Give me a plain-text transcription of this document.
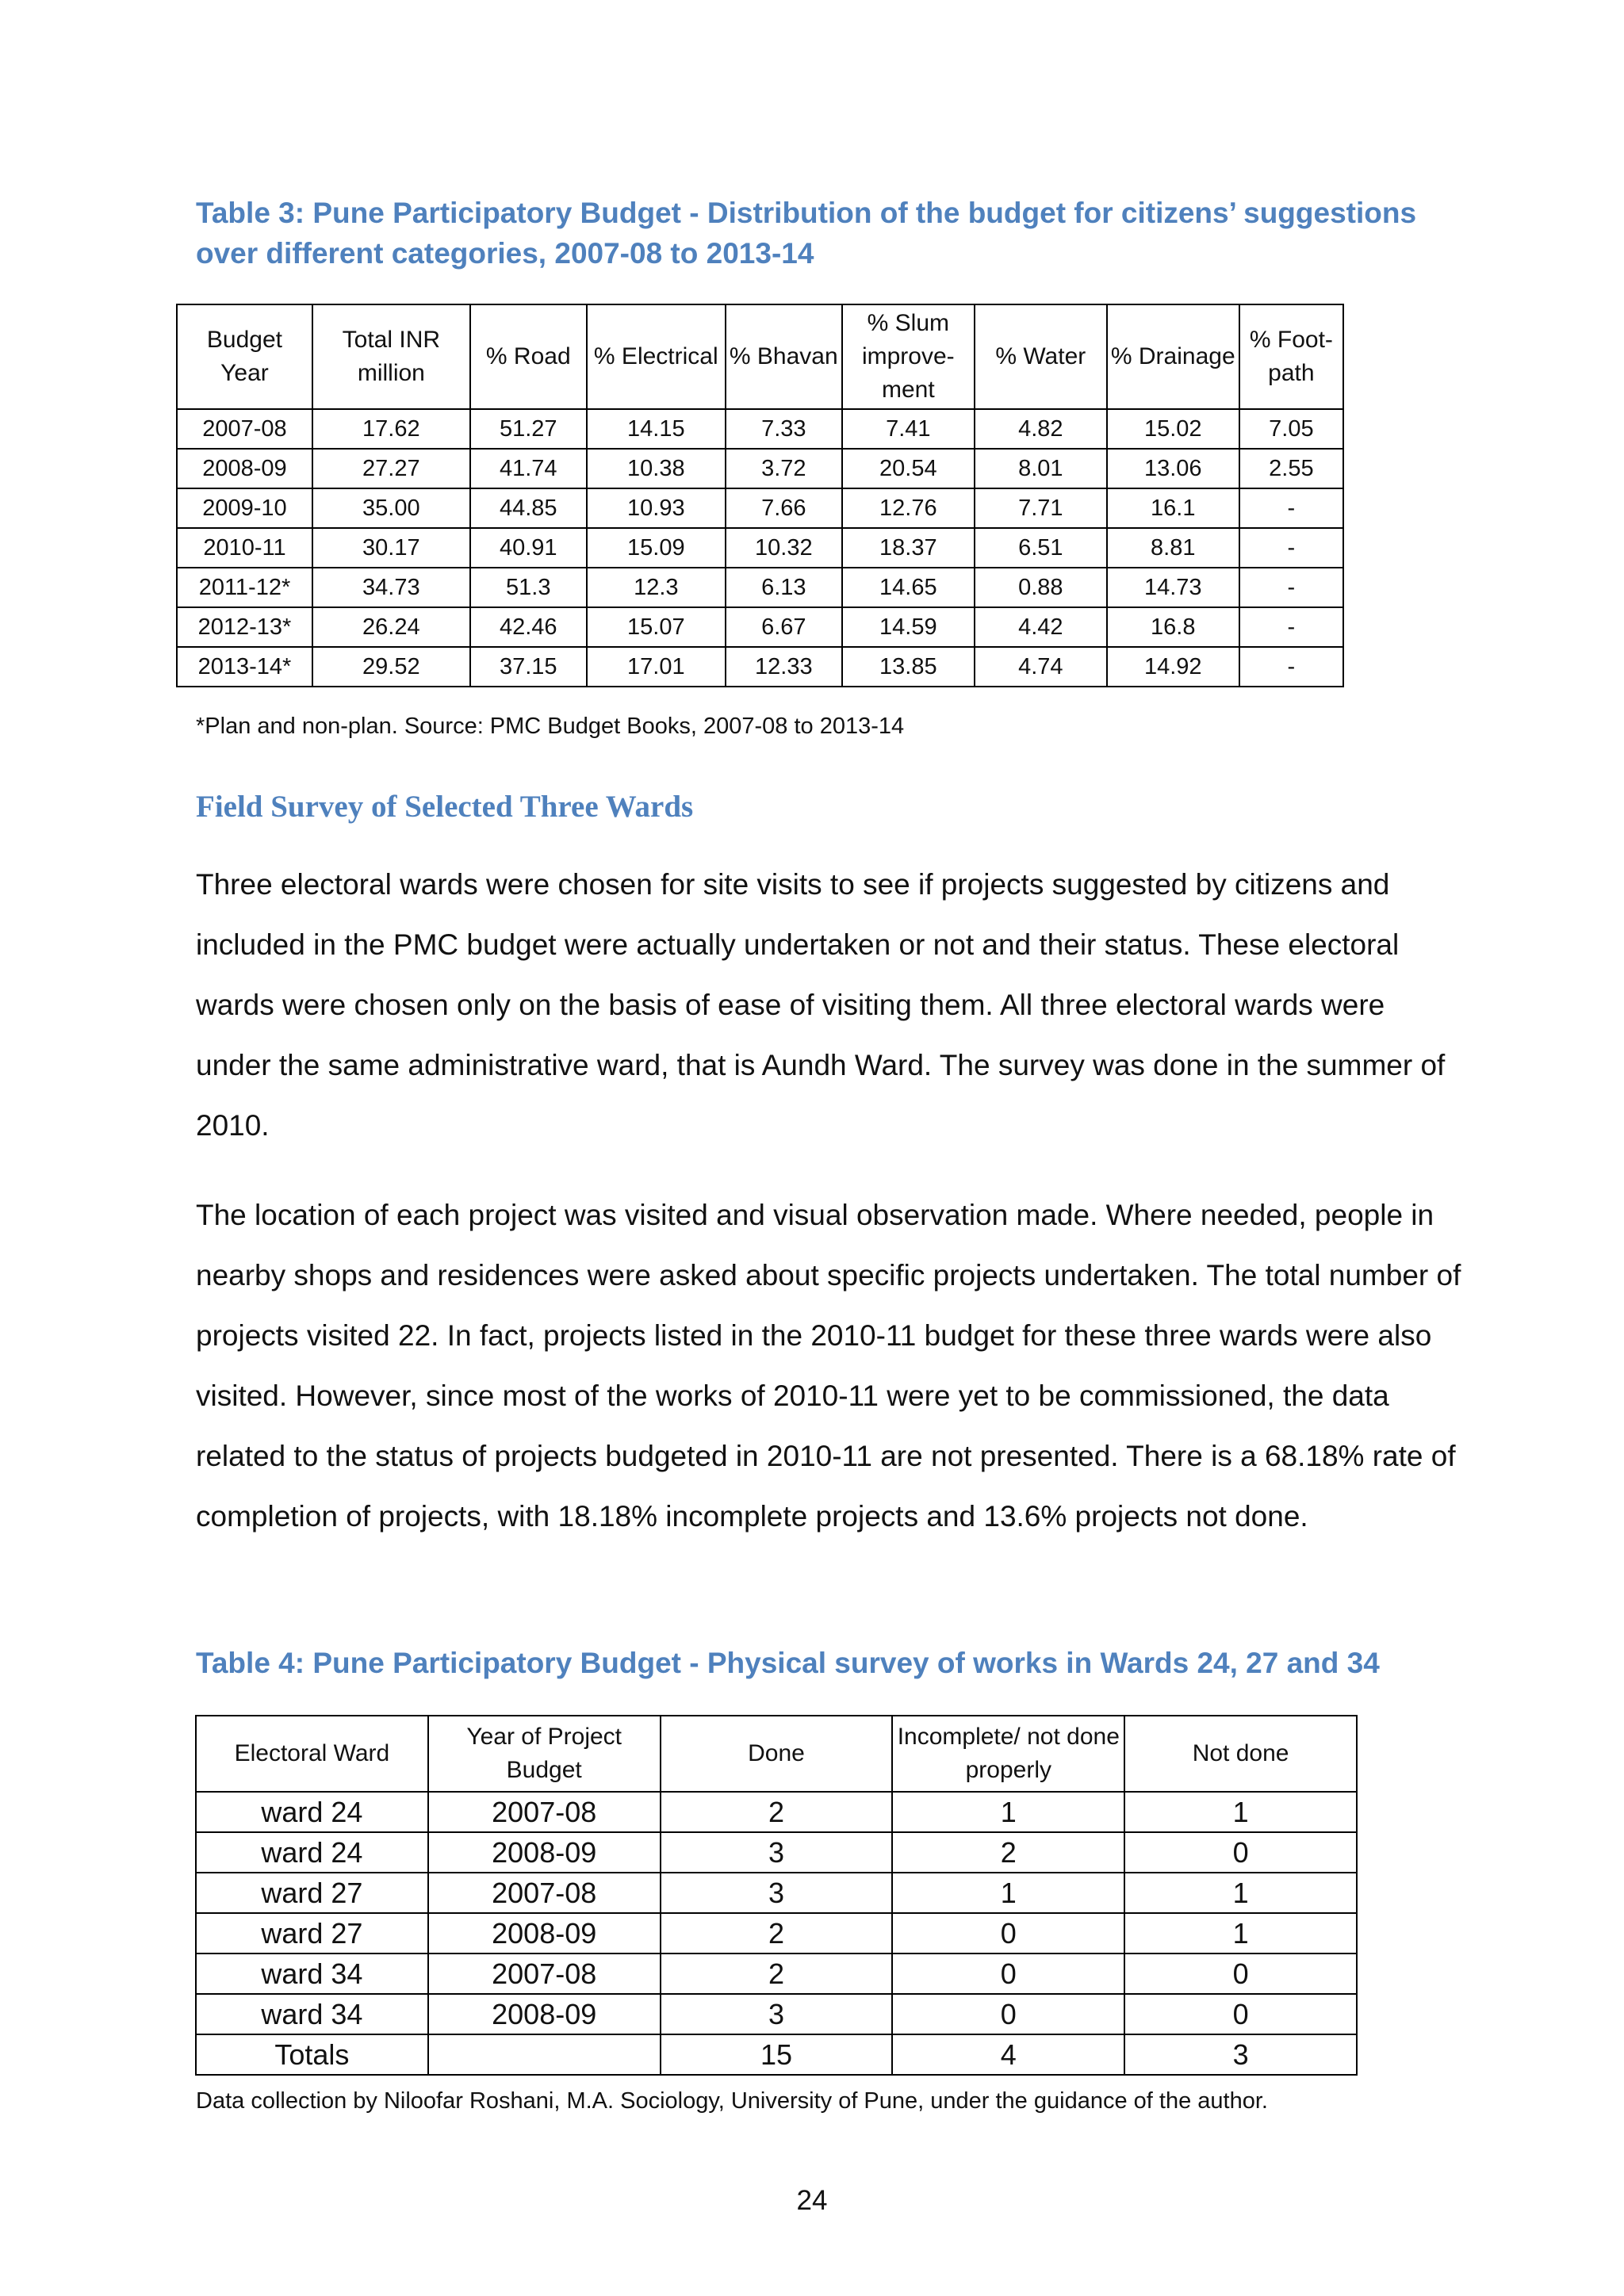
Table 3: Pune Participatory Budget - Distribution of the budget for citizens’ suggestions over different categories, 2007-08 to 2013-14

Budget Year	Total INR million	% Road	% Electrical	% Bhavan	% Slum improve-ment	% Water	% Drainage	% Foot-path
2007-08	17.62	51.27	14.15	7.33	7.41	4.82	15.02	7.05
2008-09	27.27	41.74	10.38	3.72	20.54	8.01	13.06	2.55
2009-10	35.00	44.85	10.93	7.66	12.76	7.71	16.1	-
2010-11	30.17	40.91	15.09	10.32	18.37	6.51	8.81	-
2011-12*	34.73	51.3	12.3	6.13	14.65	0.88	14.73	-
2012-13*	26.24	42.46	15.07	6.67	14.59	4.42	16.8	-
2013-14*	29.52	37.15	17.01	12.33	13.85	4.74	14.92	-

*Plan and non-plan. Source: PMC Budget Books, 2007-08 to 2013-14

Field Survey of Selected Three Wards

Three electoral wards were chosen for site visits to see if projects suggested by citizens and included in the PMC budget were actually undertaken or not and their status. These electoral wards were chosen only on the basis of ease of visiting them. All three electoral wards were under the same administrative ward, that is Aundh Ward. The survey was done in the summer of 2010.

The location of each project was visited and visual observation made. Where needed, people in nearby shops and residences were asked about specific projects undertaken. The total number of projects visited 22. In fact, projects listed in the 2010-11 budget for these three wards were also visited. However, since most of the works of 2010-11 were yet to be commissioned, the data related to the status of projects budgeted in 2010-11 are not presented. There is a 68.18% rate of completion of projects, with 18.18% incomplete projects and 13.6% projects not done.

Table 4: Pune Participatory Budget - Physical survey of works in Wards 24, 27 and 34

Electoral Ward	Year of Project Budget	Done	Incomplete/ not done properly	Not done
ward 24	2007-08	2	1	1
ward 24	2008-09	3	2	0
ward 27	2007-08	3	1	1
ward 27	2008-09	2	0	1
ward 34	2007-08	2	0	0
ward 34	2008-09	3	0	0
Totals		15	4	3

Data collection by Niloofar Roshani, M.A. Sociology, University of Pune, under the guidance of the author.

24
